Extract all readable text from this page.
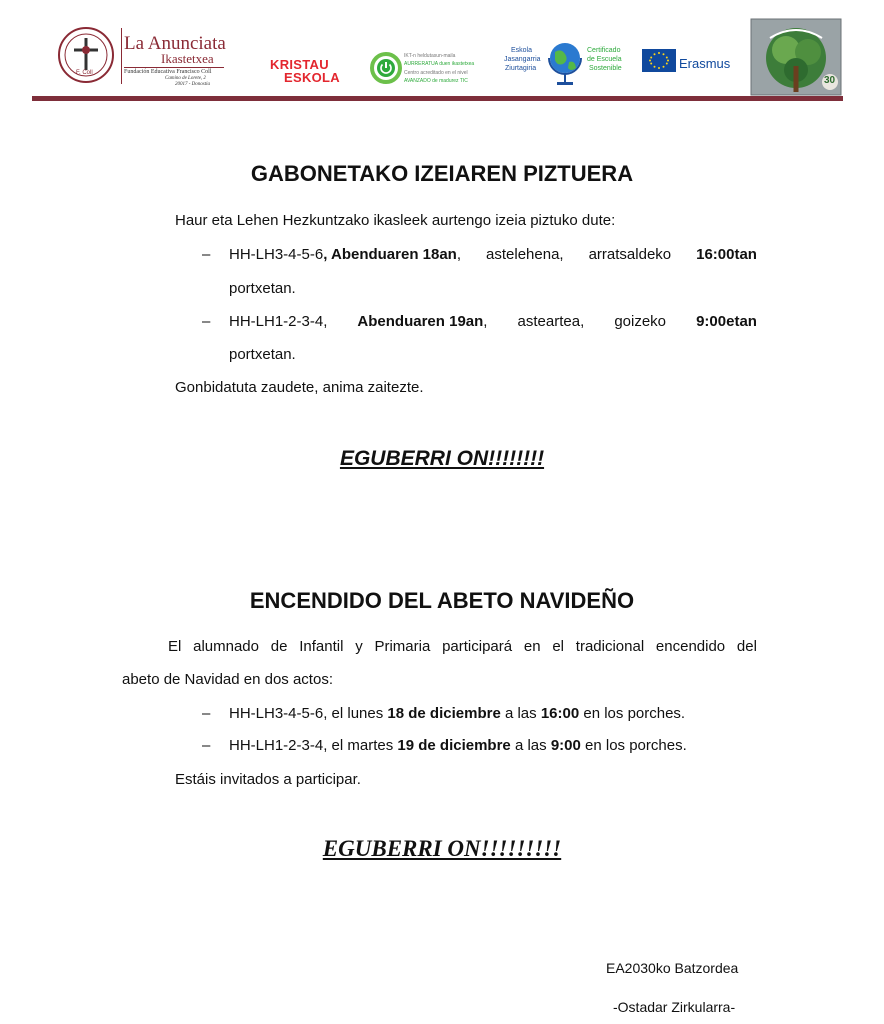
F. Coll
La Anunciata
Ikastetxea
Fundación Educativa Francisco Coll
Camino de Lorete, 2
20017 - Donostia
KRISTAU
ESKOLA
IKT-n heldutasun-maila
AURRERATUA duen ikastetxea
Centro acreditado en el nivel
AVANZADO de madurez TIC
Eskola
Jasangarria
Ziurtagiria
Certificado
de Escuela
Sostenible	Erasmus
30
GABONETAKO IZEIAREN PIZTUERA
Haur eta Lehen Hezkuntzako ikasleek aurtengo izeia piztuko dute:
– HH-LH3-4-5-6, Abenduaren 18an, astelehena, arratsaldeko 16:00tan
portxetan.
– HH-LH1-2-3-4, Abenduaren 19an, asteartea, goizeko 9:00etan
portxetan.
Gonbidatuta zaudete, anima zaitezte.
EGUBERRI ON!!!!!!!!
ENCENDIDO DEL ABETO NAVIDEÑO
El alumnado de Infantil y Primaria participará en el tradicional encendido del
abeto de Navidad en dos actos:
– HH-LH3-4-5-6, el lunes 18 de diciembre a las 16:00 en los porches.
– HH-LH1-2-3-4, el martes 19 de diciembre a las 9:00 en los porches.
Estáis invitados a participar.
EGUBERRI ON!!!!!!!!!
EA2030ko Batzordea
-Ostadar Zirkularra-
